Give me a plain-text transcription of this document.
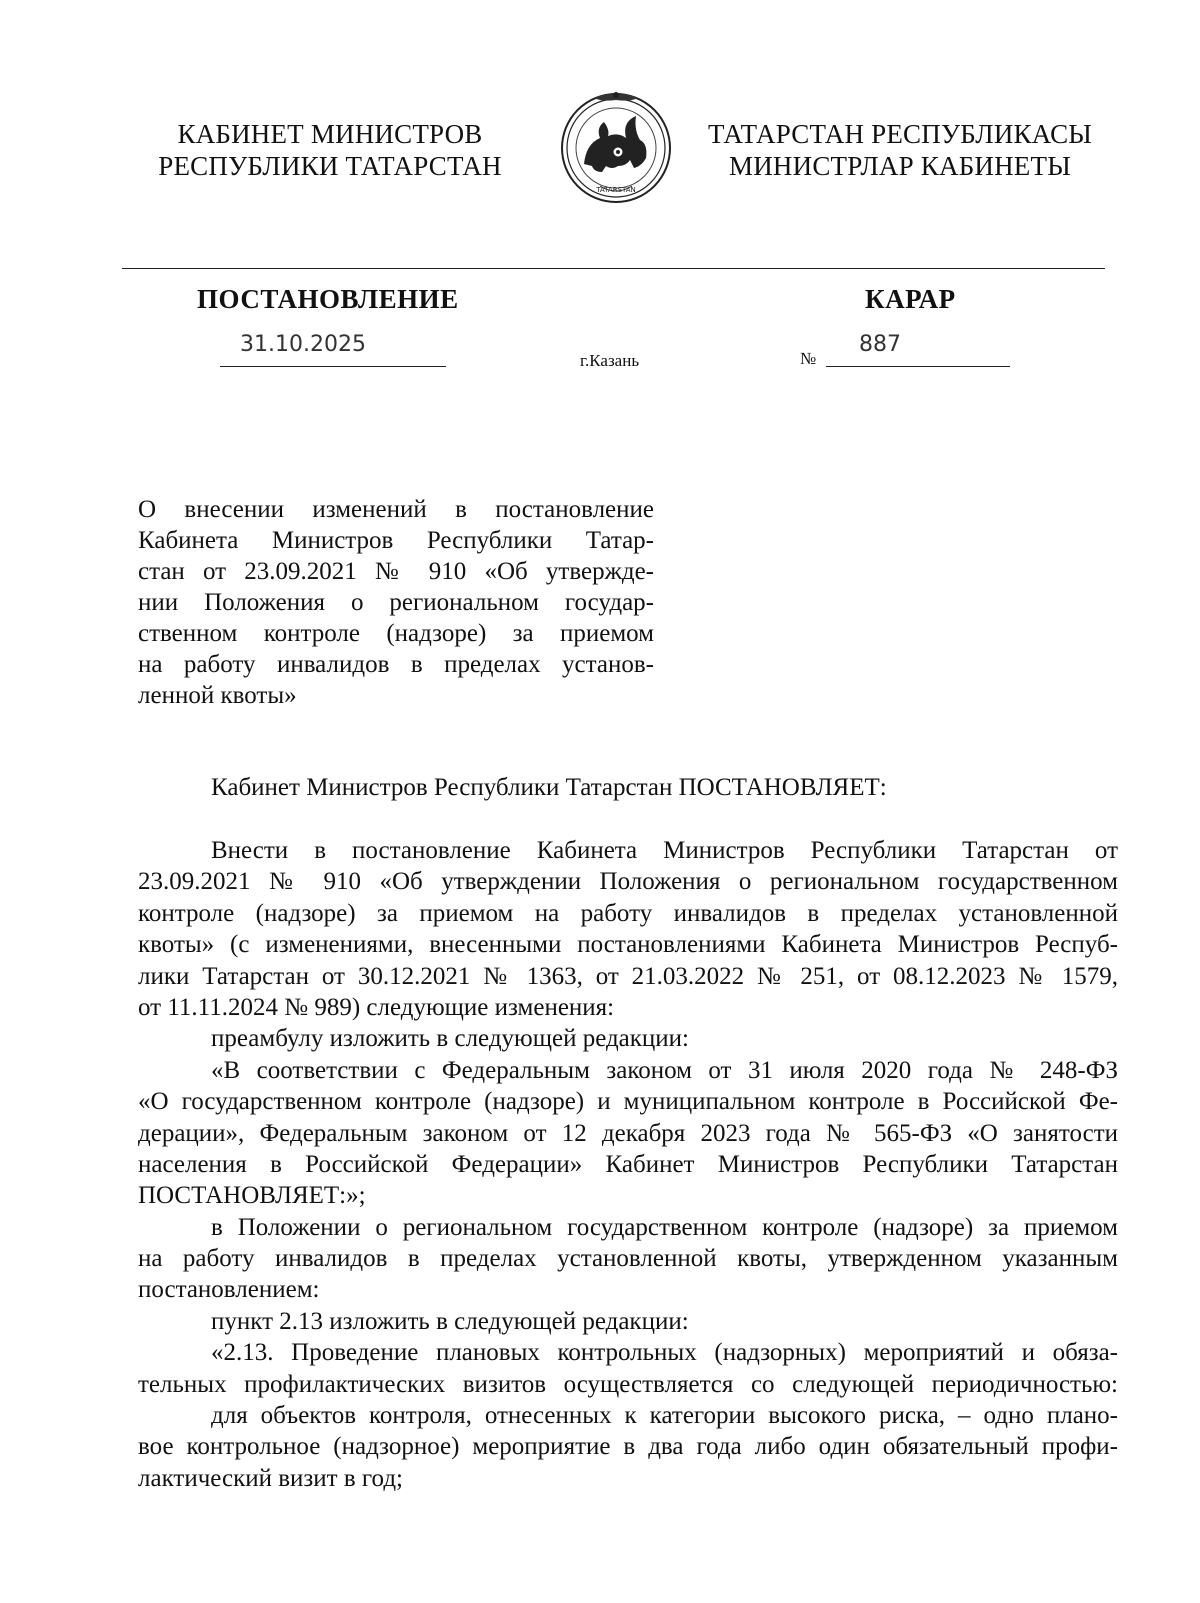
КАБИНЕТ МИНИСТРОВ
РЕСПУБЛИКИ ТАТАРСТАН
TATARSTAN
ТАТАРСТАН РЕСПУБЛИКАСЫ
МИНИСТРЛАР КАБИНЕТЫ
ПОСТАНОВЛЕНИЕ	КАРАР
31.10.2025
г.Казань	№
887
О внесении изменений в постановление
Кабинета Министров Республики Татар-
стан от 23.09.2021 № 910 «Об утвержде-
нии Положения о региональном государ-
ственном контроле (надзоре) за приемом
на работу инвалидов в пределах установ-
ленной квоты»
Кабинет Министров Республики Татарстан ПОСТАНОВЛЯЕТ:
Внести в постановление Кабинета Министров Республики Татарстан от
23.09.2021 № 910 «Об утверждении Положения о региональном государственном
контроле (надзоре) за приемом на работу инвалидов в пределах установленной
квоты» (с изменениями, внесенными постановлениями Кабинета Министров Респуб-
лики Татарстан от 30.12.2021 № 1363, от 21.03.2022 № 251, от 08.12.2023 № 1579,
от 11.11.2024 № 989) следующие изменения:
преамбулу изложить в следующей редакции:
«В соответствии с Федеральным законом от 31 июля 2020 года № 248-ФЗ
«О государственном контроле (надзоре) и муниципальном контроле в Российской Фе-
дерации», Федеральным законом от 12 декабря 2023 года № 565-ФЗ «О занятости
населения в Российской Федерации» Кабинет Министров Республики Татарстан
ПОСТАНОВЛЯЕТ:»;
в Положении о региональном государственном контроле (надзоре) за приемом
на работу инвалидов в пределах установленной квоты, утвержденном указанным
постановлением:
пункт 2.13 изложить в следующей редакции:
«2.13. Проведение плановых контрольных (надзорных) мероприятий и обяза-
тельных профилактических визитов осуществляется со следующей периодичностью:
для объектов контроля, отнесенных к категории высокого риска, – одно плано-
вое контрольное (надзорное) мероприятие в два года либо один обязательный профи-
лактический визит в год;
